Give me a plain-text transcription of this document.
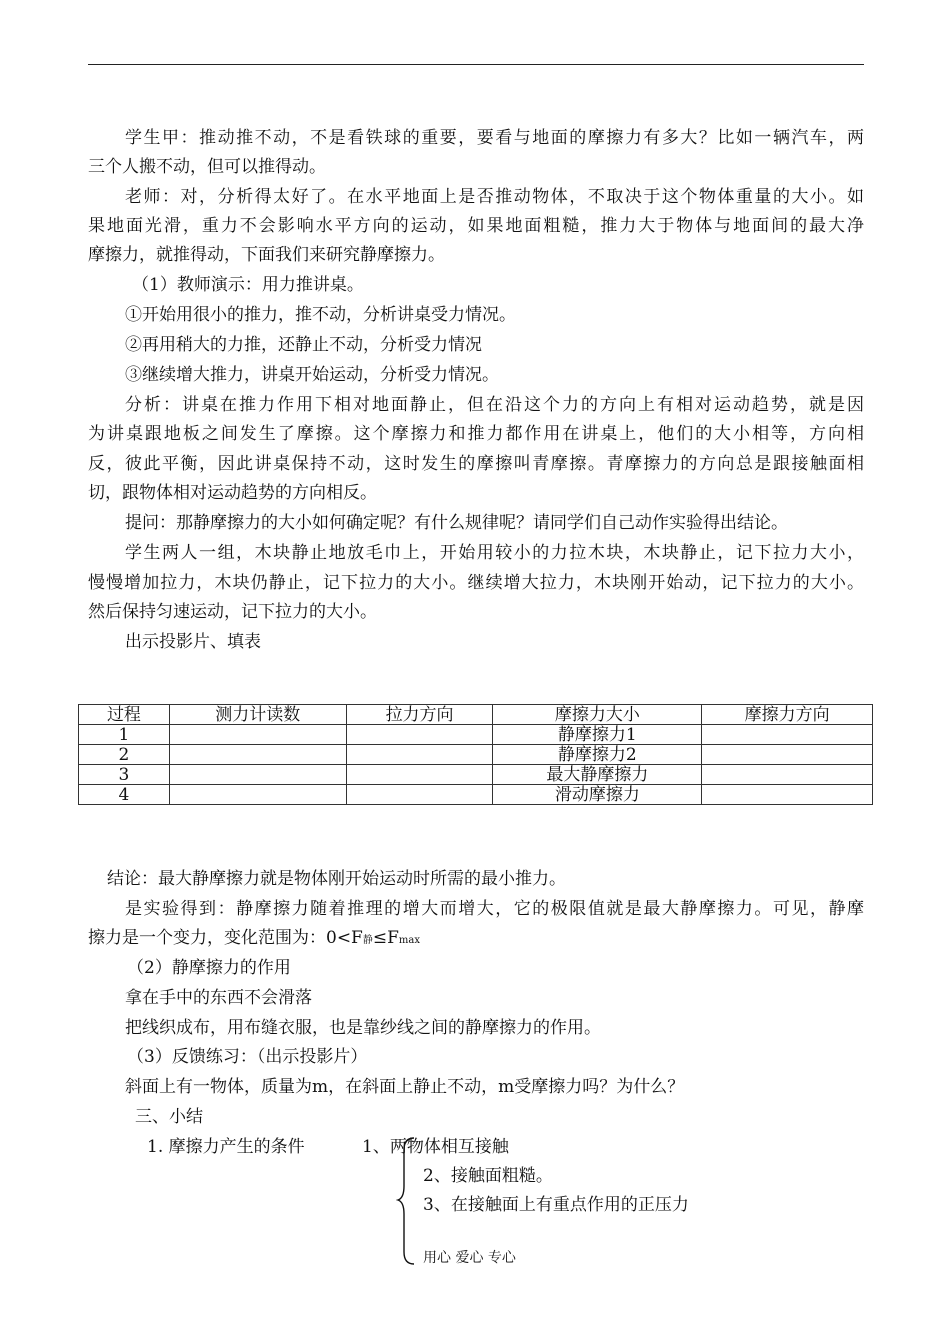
学生甲：推动推不动，不是看铁球的重要，要看与地面的摩擦力有多大？比如一辆汽车，两
三个人搬不动，但可以推得动。
老师：对，分析得太好了。在水平地面上是否推动物体，不取决于这个物体重量的大小。如
果地面光滑，重力不会影响水平方向的运动，如果地面粗糙，推力大于物体与地面间的最大净
摩擦力，就推得动，下面我们来研究静摩擦力。
（1）教师演示：用力推讲桌。
①开始用很小的推力，推不动，分析讲桌受力情况。
②再用稍大的力推，还静止不动，分析受力情况
③继续增大推力，讲桌开始运动，分析受力情况。
分析：讲桌在推力作用下相对地面静止，但在沿这个力的方向上有相对运动趋势，就是因
为讲桌跟地板之间发生了摩擦。这个摩擦力和推力都作用在讲桌上，他们的大小相等，方向相
反，彼此平衡，因此讲桌保持不动，这时发生的摩擦叫青摩擦。青摩擦力的方向总是跟接触面相
切，跟物体相对运动趋势的方向相反。
提问：那静摩擦力的大小如何确定呢？有什么规律呢？请同学们自己动作实验得出结论。
学生两人一组，木块静止地放毛巾上，开始用较小的力拉木块，木块静止，记下拉力大小，
慢慢增加拉力，木块仍静止，记下拉力的大小。继续增大拉力，木块刚开始动，记下拉力的大小。
然后保持匀速运动，记下拉力的大小。
出示投影片、填表
过程	测力计读数	拉力方向	摩擦力大小	摩擦力方向
1			静摩擦力1	
2			静摩擦力2	
3			最大静摩擦力	
4			滑动摩擦力	
结论：最大静摩擦力就是物体刚开始运动时所需的最小推力。
是实验得到：静摩擦力随着推理的增大而增大，它的极限值就是最大静摩擦力。可见，静摩
擦力是一个变力，变化范围为：0<F静≤Fmax
（2）静摩擦力的作用
拿在手中的东西不会滑落
把线织成布，用布缝衣服，也是靠纱线之间的静摩擦力的作用。
（3）反馈练习：（出示投影片）
斜面上有一物体，质量为m，在斜面上静止不动，m受摩擦力吗？为什么？
三、小结
1. 摩擦力产生的条件	1、两物体相互接触
2、接触面粗糙。
3、在接触面上有重点作用的正压力
用心 爱心 专心
